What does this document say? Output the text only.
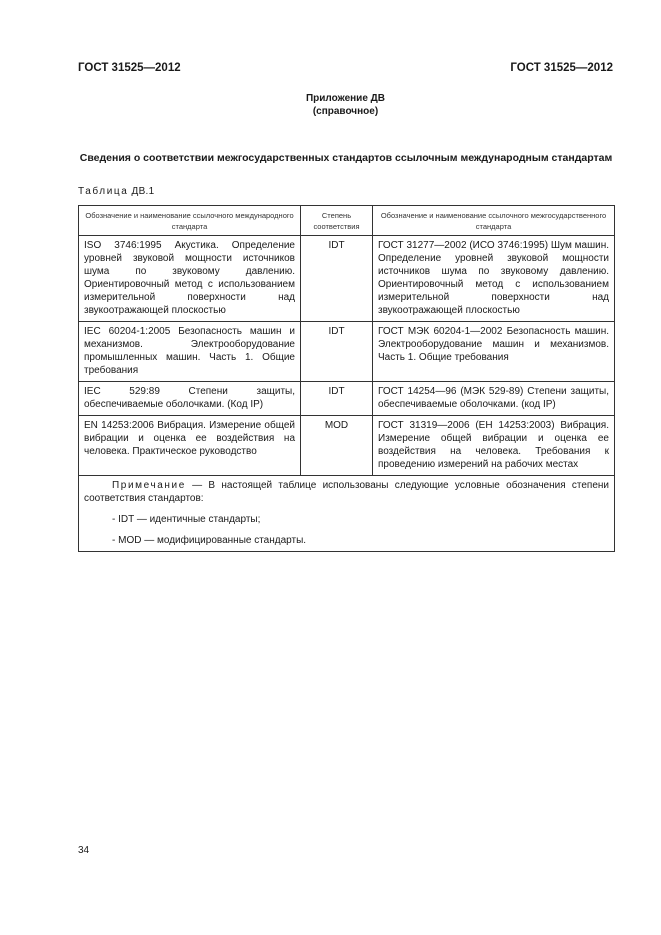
ГОСТ 31525—2012	ГОСТ 31525—2012
Приложение ДВ
(справочное)
Сведения о соответствии межгосударственных стандартов ссылочным международным стандартам
Таблица ДВ.1
Обозначение и наименование ссылочного международного стандарта	Степень соответствия	Обозначение и наименование ссылочного межгосударственного стандарта
ISO 3746:1995 Акустика. Определение уровней звуковой мощности источников шума по звуковому давлению. Ориентировочный метод с использованием измерительной поверхности над звукоотражающей плоскостью	IDT	ГОСТ 31277—2002 (ИСО 3746:1995) Шум машин. Определение уровней звуковой мощности источников шума по звуковому давлению. Ориентировочный метод с использованием измерительной поверхности над звукоотражающей плоскостью
IEC 60204-1:2005 Безопасность машин и механизмов. Электрооборудование промышленных машин. Часть 1. Общие требования	IDT	ГОСТ МЭК 60204-1—2002 Безопасность машин. Электрооборудование машин и механизмов. Часть 1. Общие требования
IEC 529:89 Степени защиты, обеспечиваемые оболочками. (Код IP)	IDT	ГОСТ 14254—96 (МЭК 529-89) Степени защиты, обеспечиваемые оболочками. (код IP)
EN 14253:2006 Вибрация. Измерение общей вибрации и оценка ее воздействия на человека. Практическое руководство	MOD	ГОСТ 31319—2006 (ЕН 14253:2003) Вибрация. Измерение общей вибрации и оценка ее воздействия на человека. Требования к проведению измерений на рабочих местах

Примечание — В настоящей таблице использованы следующие условные обозначения степени соответствия стандартов:

- IDT — идентичные стандарты;
- MOD — модифицированные стандарты.		
34
